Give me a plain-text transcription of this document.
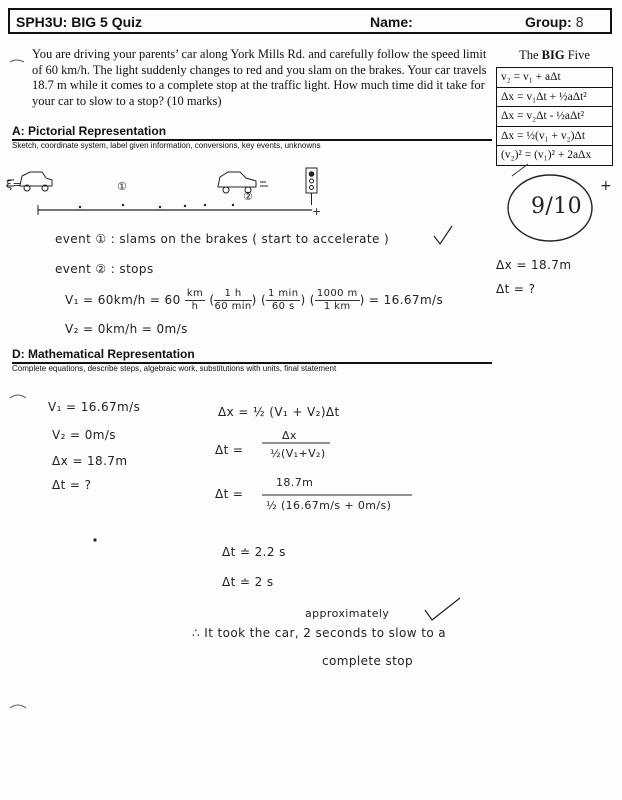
SPH3U: BIG 5 Quiz	Name:	Group: 8
You are driving your parents’ car along York Mills Rd. and carefully follow the speed limit of 60 km/h. The light suddenly changes to red and you slam on the brakes. Your car travels 18.7 m while it comes to a complete stop at the traffic light. How much time did it take for your car to slow to a stop? (10 marks)
The BIG Five
v₂ = v₁ + aΔt
Δx = v₁Δt + ½aΔt²
Δx = v₂Δt - ½aΔt²
Δx = ½(v₁ + v₂)Δt
(v₂)² = (v₁)² + 2aΔx
9/10
+
A: Pictorial Representation
Sketch, coordinate system, label given information, conversions, key events, unknowns
ξ=
+
①
②
event ① : slams on the brakes ( start to accelerate )
event ② : stops
$V_1 = 60km/h = 60 \frac{km}{h}$ ( $\frac{1 h}{60 \min}$ ) ( $\frac{1 \min}{60 s}$ ) ( $\frac{1000 m}{1 km}$ ) = 16.67m/s
V₂ = 0km/h = 0m/s
Δx = 18.7m
Δt = ?
D: Mathematical Representation
Complete equations, describe steps, algebraic work, substitutions with units, final statement
V₁ = 16.67m/s
V₂ = 0m/s
Δx = 18.7m
Δt = ?
Δx = ½ (V₁ + V₂)Δt
Δt =
Δx
½(V₁+V₂)
Δt =
18.7m
½ (16.67m/s + 0m/s)
Δt ≐ 2.2 s
Δt ≐ 2 s
approximately
∴ It took the car, 2 seconds to slow to a
complete stop
